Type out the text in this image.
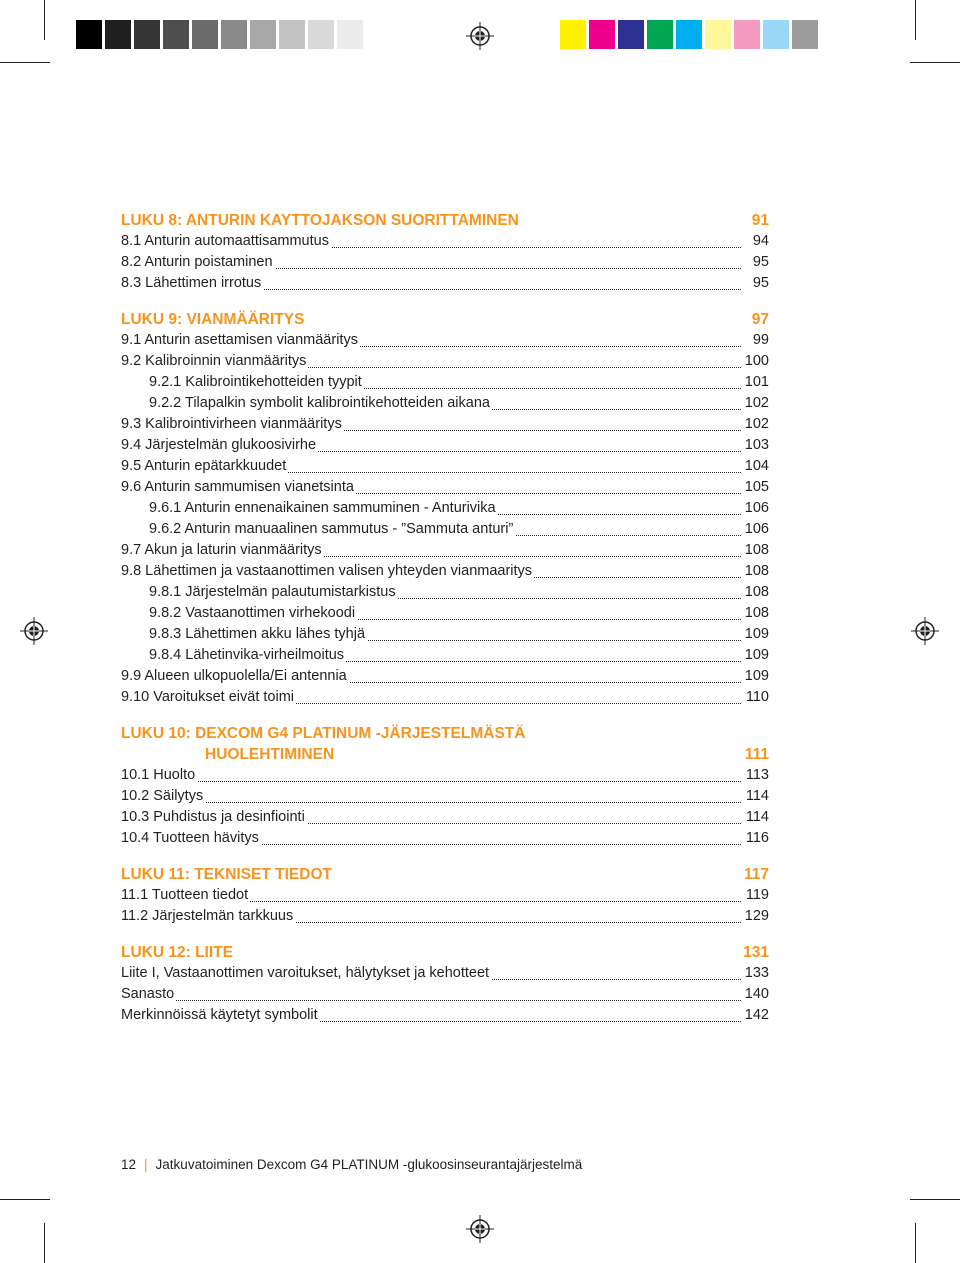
LUKU 8: ANTURIN KAYTTOJAKSON SUORITTAMINEN	91
8.1 Anturin automaattisammutus	94
8.2 Anturin poistaminen	95
8.3 Lähettimen irrotus	95
LUKU 9: VIANMÄÄRITYS	97
9.1 Anturin asettamisen vianmääritys	99
9.2 Kalibroinnin vianmääritys	100
9.2.1 Kalibrointikehotteiden tyypit	101
9.2.2 Tilapalkin symbolit kalibrointikehotteiden aikana	102
9.3 Kalibrointivirheen vianmääritys	102
9.4 Järjestelmän glukoosivirhe	103
9.5 Anturin epätarkkuudet	104
9.6 Anturin sammumisen vianetsinta	105
9.6.1 Anturin ennenaikainen sammuminen - Anturivika	106
9.6.2 Anturin manuaalinen sammutus - ”Sammuta anturi”	106
9.7 Akun ja laturin vianmääritys	108
9.8 Lähettimen ja vastaanottimen valisen yhteyden vianmaaritys	108
9.8.1 Järjestelmän palautumistarkistus	108
9.8.2 Vastaanottimen virhekoodi	108
9.8.3 Lähettimen akku lähes tyhjä	109
9.8.4 Lähetinvika-virheilmoitus	109
9.9 Alueen ulkopuolella/Ei antennia	109
9.10 Varoitukset eivät toimi	110
LUKU 10: DEXCOM G4 PLATINUM -JÄRJESTELMÄSTÄ
HUOLEHTIMINEN	111
10.1 Huolto	113
10.2 Säilytys	114
10.3 Puhdistus ja desinfiointi	114
10.4 Tuotteen hävitys	116
LUKU 11: TEKNISET TIEDOT	117
11.1 Tuotteen tiedot	119
11.2 Järjestelmän tarkkuus	129
LUKU 12: LIITE	131
Liite I, Vastaanottimen varoitukset, hälytykset ja kehotteet	133
Sanasto	140
Merkinnöissä käytetyt symbolit	142
12 | Jatkuvatoiminen Dexcom G4 PLATINUM -glukoosinseurantajärjestelmä
